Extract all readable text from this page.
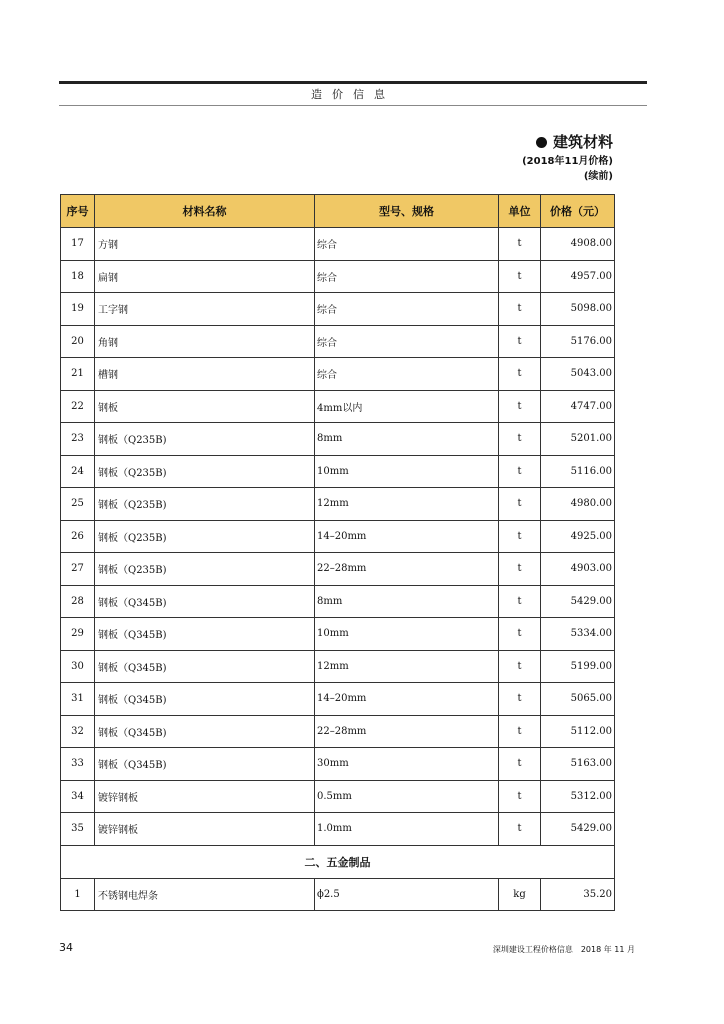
造价信息
建筑材料
(2018年11月价格)
(续前)
序号	材料名称	型号、规格	单位	价格（元）
17	方钢	综合	t	4908.00
18	扁钢	综合	t	4957.00
19	工字钢	综合	t	5098.00
20	角钢	综合	t	5176.00
21	槽钢	综合	t	5043.00
22	钢板	4mm以内	t	4747.00
23	钢板（Q235B)	8mm	t	5201.00
24	钢板（Q235B)	10mm	t	5116.00
25	钢板（Q235B)	12mm	t	4980.00
26	钢板（Q235B)	14–20mm	t	4925.00
27	钢板（Q235B)	22–28mm	t	4903.00
28	钢板（Q345B)	8mm	t	5429.00
29	钢板（Q345B)	10mm	t	5334.00
30	钢板（Q345B)	12mm	t	5199.00
31	钢板（Q345B)	14–20mm	t	5065.00
32	钢板（Q345B)	22–28mm	t	5112.00
33	钢板（Q345B)	30mm	t	5163.00
34	镀锌钢板	0.5mm	t	5312.00
35	镀锌钢板	1.0mm	t	5429.00
二、五金制品				
1	不锈钢电焊条	ϕ2.5	kg	35.20
34	深圳建设工程价格信息　2018 年 11 月
